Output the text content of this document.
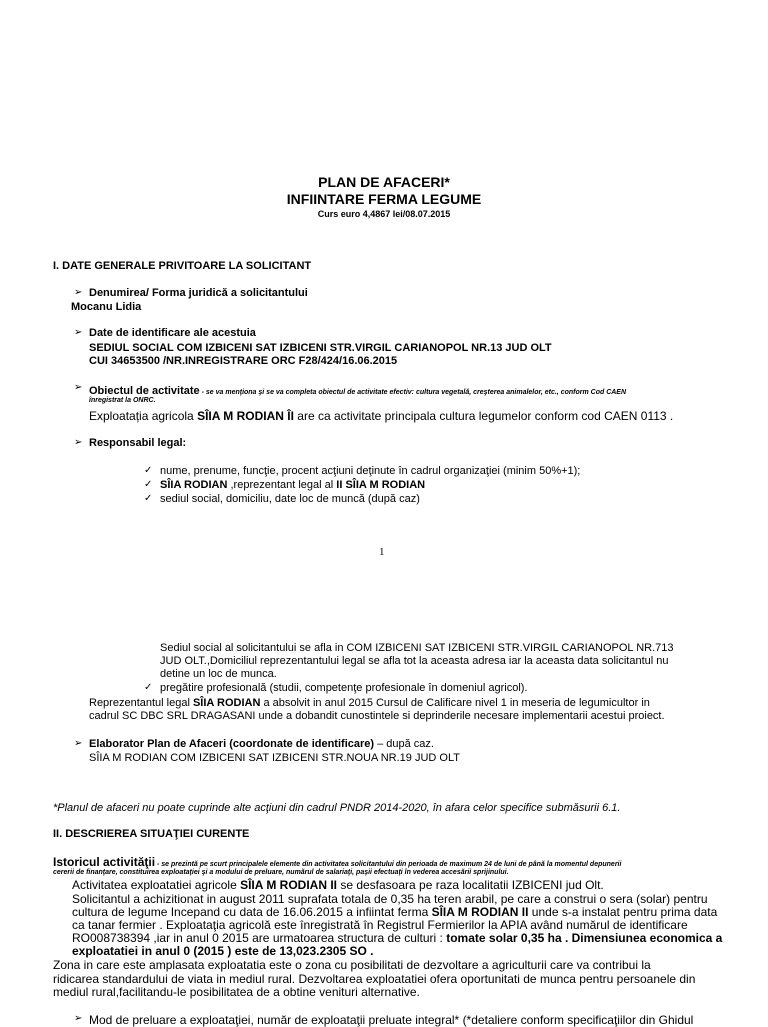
PLAN DE AFACERI*
INFIINTARE FERMA LEGUME
Curs euro 4,4867 lei/08.07.2015
I. DATE GENERALE PRIVITOARE LA SOLICITANT
➢ Denumirea/ Forma juridică a solicitantului
Mocanu Lidia
➢ Date de identificare ale acestuia
SEDIUL SOCIAL COM IZBICENI SAT IZBICENI STR.VIRGIL CARIANOPOL NR.13 JUD OLT
CUI 34653500 /NR.INREGISTRARE ORC F28/424/16.06.2015
➢ Obiectul de activitate - se va menţiona şi se va completa obiectul de activitate efectiv: cultura vegetală, creşterea animalelor, etc., conform Cod CAEN
înregistrat la ONRC.
Exploatația agricola SÎIA M RODIAN ÎI are ca activitate principala cultura legumelor conform cod CAEN 0113 .
➢ Responsabil legal:
✓ nume, prenume, funcţie, procent acţiuni deţinute în cadrul organizaţiei (minim 50%+1);
✓ SÎIA RODIAN ,reprezentant legal al II SÎIA M RODIAN
✓ sediul social, domiciliu, date loc de muncă (după caz)
1
Sediul social al solicitantului se afla in COM IZBICENI SAT IZBICENI STR.VIRGIL CARIANOPOL NR.713
JUD OLT.,Domiciliul reprezentantului legal se afla tot la aceasta adresa iar la aceasta data solicitantul nu
detine un loc de munca.
✓ pregătire profesională (studii, competenţe profesionale în domeniul agricol).
Reprezentantul legal SÎIA RODIAN a absolvit in anul 2015 Cursul de Calificare nivel 1 in meseria de legumicultor in
cadrul SC DBC SRL DRAGASANI unde a dobandit cunostintele si deprinderile necesare implementarii acestui proiect.
➢ Elaborator Plan de Afaceri (coordonate de identificare) – după caz.
SÎIA M RODIAN COM IZBICENI SAT IZBICENI STR.NOUA NR.19 JUD OLT
*Planul de afaceri nu poate cuprinde alte acţiuni din cadrul PNDR 2014-2020, în afara celor specifice submăsurii 6.1.
II. DESCRIEREA SITUAŢIEI CURENTE
Istoricul activităţii - se prezintă pe scurt principalele elemente din activitatea solicitantului din perioada de maximum 24 de luni de până la momentul depunerii
cererii de finanţare, constituirea exploataţiei şi a modului de preluare, numărul de salariaţi, paşii efectuaţi în vederea accesării sprijinului.
Activitatea exploatatiei agricole SÎIA M RODIAN II se desfasoara pe raza localitatii IZBICENI jud Olt.
Solicitantul a achizitionat in august 2011 suprafata totala de 0,35 ha teren arabil, pe care a construi o sera (solar) pentru
cultura de legume Incepand cu data de 16.06.2015 a infiintat ferma SÎIA M RODIAN II unde s-a instalat pentru prima data
ca tanar fermier . Exploataţia agricolă este înregistrată în Registrul Fermierilor la APIA având numărul de identificare
RO008738394 ,iar in anul 0 2015 are urmatoarea structura de culturi : tomate solar 0,35 ha . Dimensiunea economica a
exploatatiei in anul 0 (2015 ) este de 13,023.2305 SO .
Zona in care este amplasata exploatatia este o zona cu posibilitati de dezvoltare a agriculturii care va contribui la
ridicarea standardului de viata in mediul rural. Dezvoltarea exploatatiei ofera oportunitati de munca pentru persoanele din
mediul rural,facilitandu-le posibilitatea de a obtine venituri alternative.
➢ Mod de preluare a exploataţiei, număr de exploataţii preluate integral* (*detaliere conform specificaţiilor din Ghidul
